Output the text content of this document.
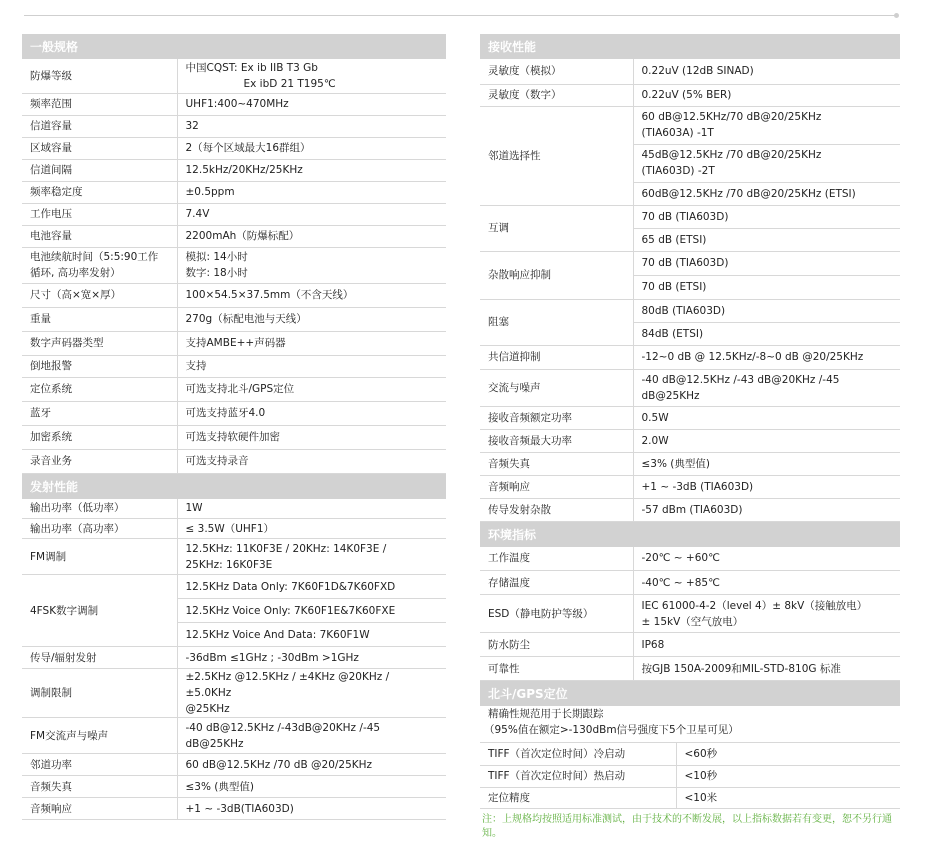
一般规格
防爆等级	中国CQST: Ex ib IIB T3 Gb
Ex ibD 21 T195℃

频率范围	UHF1:400~470MHz

信道容量	32

区域容量	2（每个区域最大16群组）

信道间隔	12.5kHz/20KHz/25KHz

频率稳定度	±0.5ppm

工作电压	7.4V

电池容量	2200mAh（防爆标配）

电池续航时间（5:5:90工作循环, 高功率发射）	模拟: 14小时
数字: 18小时

尺寸（高×宽×厚）	100×54.5×37.5mm（不含天线）

重量	270g（标配电池与天线）

数字声码器类型	支持AMBE++声码器

倒地报警	支持

定位系统	可选支持北斗/GPS定位

蓝牙	可选支持蓝牙4.0

加密系统	可选支持软硬件加密

录音业务	可选支持录音
发射性能
输出功率（低功率）	1W

输出功率（高功率）	≤ 3.5W（UHF1）

FM调制	12.5KHz: 11K0F3E / 20KHz: 14K0F3E /
25KHz: 16K0F3E

4FSK数字调制	12.5KHz Data Only: 7K60F1D&7K60FXD

	12.5KHz Voice Only: 7K60F1E&7K60FXE

	12.5KHz Voice And Data: 7K60F1W

传导/辐射发射	-36dBm ≤1GHz ; -30dBm >1GHz

调制限制	±2.5KHz @12.5KHz / ±4KHz @20KHz / ±5.0KHz
@25KHz

FM交流声与噪声	-40 dB@12.5KHz /-43dB@20KHz /-45
dB@25KHz

邻道功率	60 dB@12.5KHz /70 dB @20/25KHz

音频失真	≤3% (典型值)

音频响应	+1 ~ -3dB(TIA603D)
接收性能
灵敏度（模拟）	0.22uV (12dB SINAD)

灵敏度（数字）	0.22uV (5% BER)

邻道选择性	60 dB@12.5KHz/70 dB@20/25KHz
(TIA603A) -1T

	45dB@12.5KHz /70 dB@20/25KHz
(TIA603D) -2T

	60dB@12.5KHz /70 dB@20/25KHz (ETSI)

互调	70 dB (TIA603D)

	65 dB (ETSI)

杂散响应抑制	70 dB (TIA603D)

	70 dB (ETSI)

阻塞	80dB (TIA603D)

	84dB (ETSI)

共信道抑制	-12~0 dB @ 12.5KHz/-8~0 dB @20/25KHz

交流与噪声	-40 dB@12.5KHz /-43 dB@20KHz /-45
dB@25KHz

接收音频额定功率	0.5W

接收音频最大功率	2.0W

音频失真	≤3% (典型值)

音频响应	+1 ~ -3dB (TIA603D)

传导发射杂散	-57 dBm (TIA603D)
环境指标
工作温度	-20℃ ~ +60℃

存储温度	-40℃ ~ +85℃

ESD（静电防护等级）	IEC 61000-4-2（level 4）± 8kV（接触放电）
± 15kV（空气放电）

防水防尘	IP68

可靠性	按GJB 150A-2009和MIL-STD-810G 标准
北斗/GPS定位
精确性规范用于长期跟踪
（95%值在额定>-130dBm信号强度下5个卫星可见）
TIFF（首次定位时间）冷启动	<60秒

TIFF（首次定位时间）热启动	<10秒

定位精度	<10米
注：上规格均按照适用标准测试，由于技术的不断发展，以上指标数据若有变更，恕不另行通知。
